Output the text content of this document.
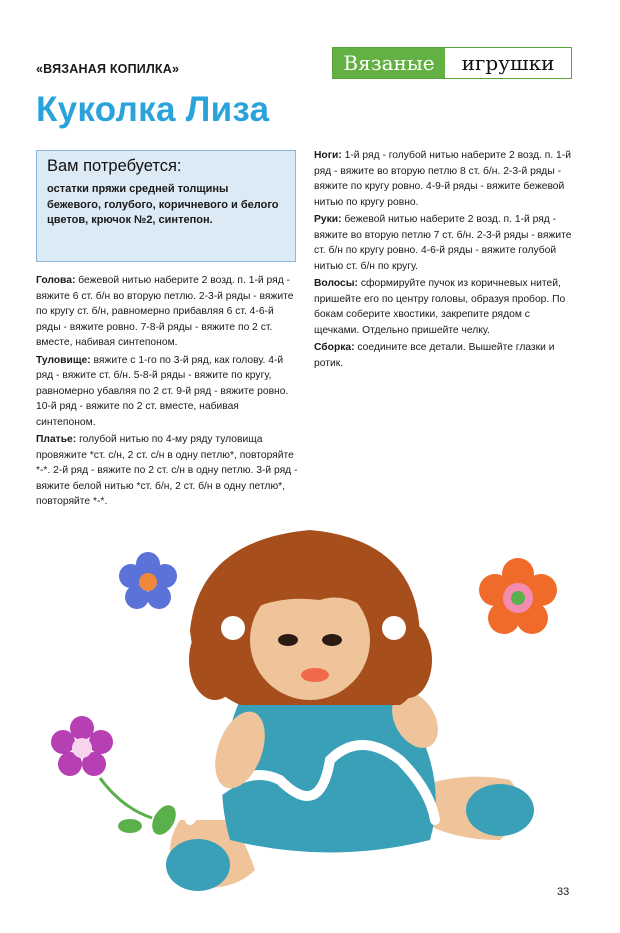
«ВЯЗАНАЯ КОПИЛКА»	Вязаные	игрушки
Куколка Лиза
Вам потребуется:
остатки пряжи средней толщины бежевого, голубого, коричневого и белого цветов, крючок №2, синтепон.

Голова: бежевой нитью наберите 2 возд. п. 1-й ряд - вяжите 6 ст. б/н во вторую петлю. 2-3-й ряды - вяжите по кругу ст. б/н, равномерно прибавляя 6 ст. 4-6-й ряды - вяжите ровно. 7-8-й ряды - вяжите по 2 ст. вместе, набивая синтепоном.

Туловище: вяжите с 1-го по 3-й ряд, как голову. 4-й ряд - вяжите ст. б/н. 5-8-й ряды - вяжите по кругу, равномерно убавляя по 2 ст. 9-й ряд - вяжите ровно. 10-й ряд - вяжите по 2 ст. вместе, набивая синтепоном.

Платье: голубой нитью по 4-му ряду туловища провяжите *ст. с/н, 2 ст. с/н в одну петлю*, повторяйте *-*. 2-й ряд - вяжите по 2 ст. с/н в одну петлю. 3-й ряд - вяжите белой нитью *ст. б/н, 2 ст. б/н в одну петлю*, повторяйте *-*.

Ноги: 1-й ряд - голубой нитью наберите 2 возд. п. 1-й ряд - вяжите во вторую петлю 8 ст. б/н. 2-3-й ряды - вяжите по кругу ровно. 4-9-й ряды - вяжите бежевой нитью по кругу ровно.

Руки: бежевой нитью наберите 2 возд. п. 1-й ряд - вяжите во вторую петлю 7 ст. б/н. 2-3-й ряды - вяжите ст. б/н по кругу ровно. 4-6-й ряды - вяжите голубой нитью ст. б/н по кругу.

Волосы: сформируйте пучок из коричневых нитей, пришейте его по центру головы, образуя пробор. По бокам соберите хвостики, закрепите рядом с щечками. Отдельно пришейте челку.

Сборка: соедините все детали. Вышейте глазки и ротик.

33
